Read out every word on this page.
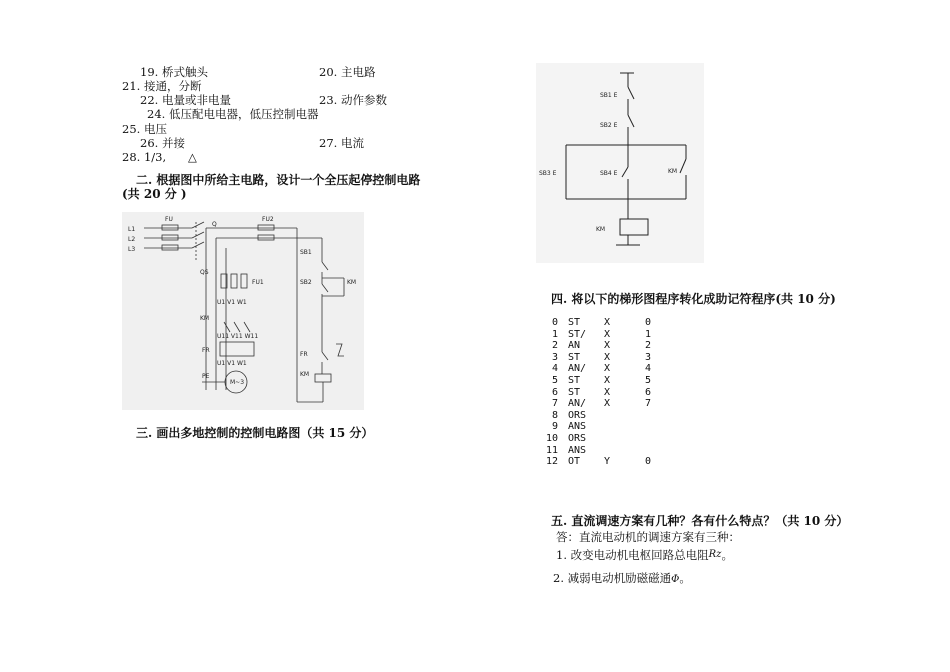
19. 桥式触头	20. 主电路
21. 接通，分断
22. 电量或非电量	23. 动作参数
24. 低压配电电器，低压控制电器
25. 电压
26. 并接	27. 电流
28. 1/3, △
二. 根据图中所给主电路，设计一个全压起停控制电路
(共 20 分 )
L1
L2
L3
FU	FU2
Q
QS
FU1
U1 V1 W1
KM
U11 V11 W11
FR
U1 V1 W1
PE
M~3
SB1
SB2	KM
FR
KM
三. 画出多地控制的控制电路图（共 15 分）
SB1 E
SB2 E
SB3 E	SB4 E	KM
KM
四. 将以下的梯形图程序转化成助记符程序(共 10 分)
0 ST X	0
1 ST/ X	1
2 AN X	2
3 ST X	3
4 AN/ X	4
5 ST X	5
6 ST X	6
7 AN/ X	7
8 ORS
9 ANS
10 ORS
11 ANS
12 OT Y	0
五. 直流调速方案有几种？各有什么特点？（共 10 分）
答：直流电动机的调速方案有三种：
1. 改变电动机电枢回路总电阻Rz。
2. 减弱电动机励磁磁通Φ。
